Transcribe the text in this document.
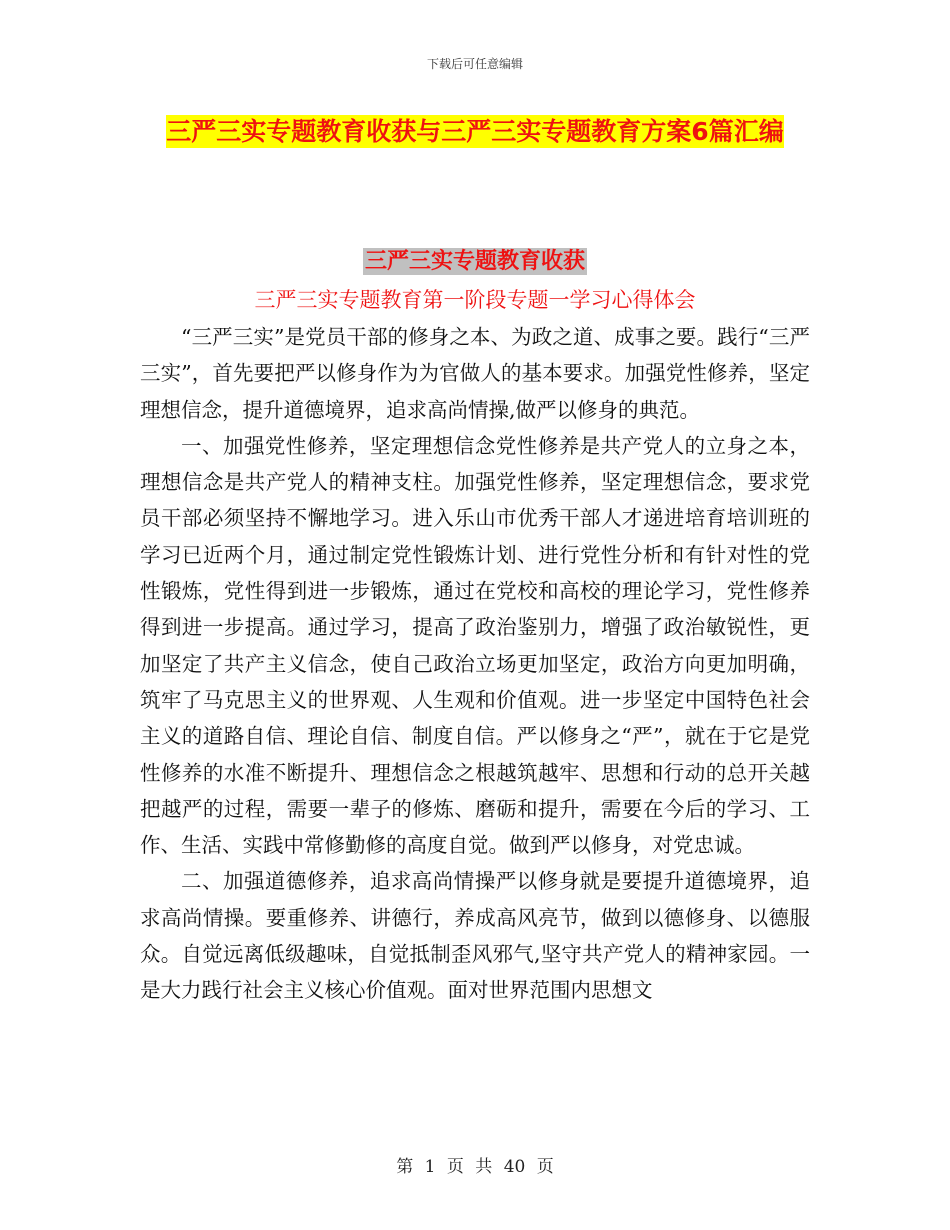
下载后可任意编辑
三严三实专题教育收获与三严三实专题教育方案6篇汇编
三严三实专题教育收获
三严三实专题教育第一阶段专题一学习心得体会

“三严三实”是党员干部的修身之本、为政之道、成事之要。践行“三严三实”，首先要把严以修身作为为官做人的基本要求。加强党性修养，坚定理想信念，提升道德境界，追求高尚情操,做严以修身的典范。

一、加强党性修养，坚定理想信念党性修养是共产党人的立身之本，理想信念是共产党人的精神支柱。加强党性修养，坚定理想信念，要求党员干部必须坚持不懈地学习。进入乐山市优秀干部人才递进培育培训班的学习已近两个月，通过制定党性锻炼计划、进行党性分析和有针对性的党性锻炼，党性得到进一步锻炼，通过在党校和高校的理论学习，党性修养得到进一步提高。通过学习，提高了政治鉴别力，增强了政治敏锐性，更加坚定了共产主义信念，使自己政治立场更加坚定，政治方向更加明确，筑牢了马克思主义的世界观、人生观和价值观。进一步坚定中国特色社会主义的道路自信、理论自信、制度自信。严以修身之“严”，就在于它是党性修养的水准不断提升、理想信念之根越筑越牢、思想和行动的总开关越把越严的过程，需要一辈子的修炼、磨砺和提升，需要在今后的学习、工作、生活、实践中常修勤修的高度自觉。做到严以修身，对党忠诚。

二、加强道德修养，追求高尚情操严以修身就是要提升道德境界，追求高尚情操。要重修养、讲德行，养成高风亮节，做到以德修身、以德服众。自觉远离低级趣味，自觉抵制歪风邪气,坚守共产党人的精神家园。一是大力践行社会主义核心价值观。面对世界范围内思想文

第 1 页 共 40 页
